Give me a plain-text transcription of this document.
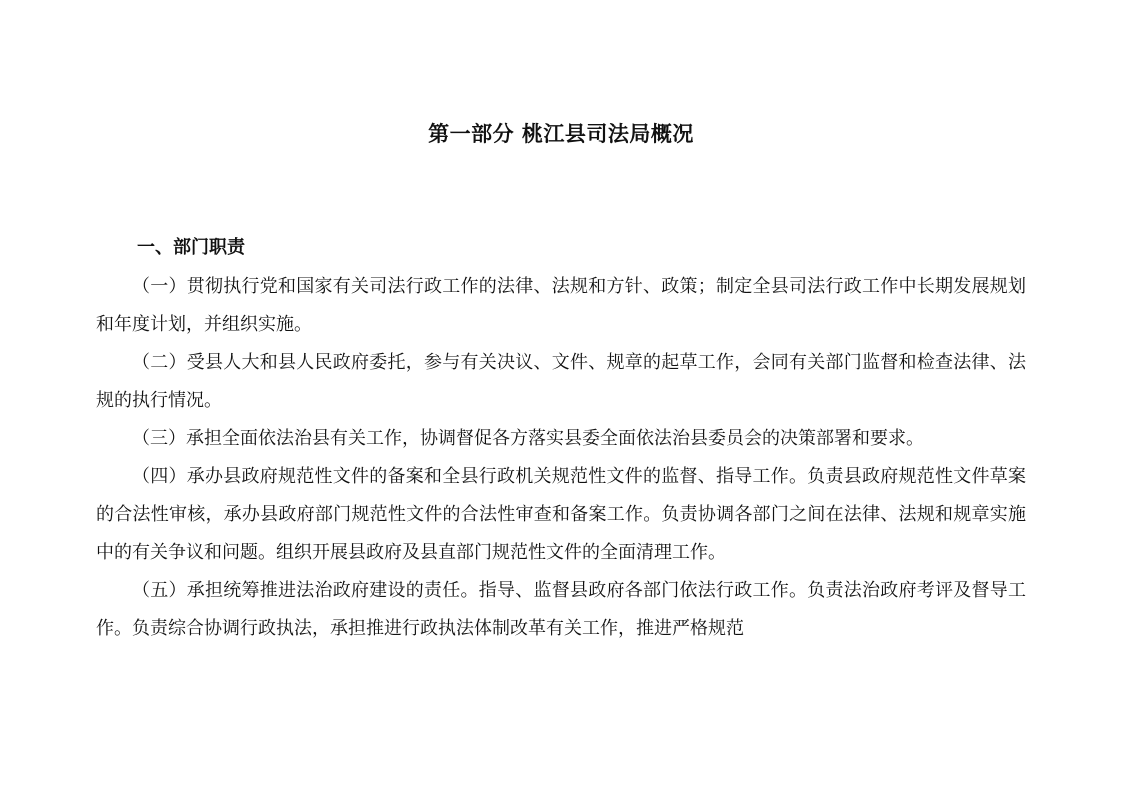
第一部分 桃江县司法局概况
一、部门职责

（一）贯彻执行党和国家有关司法行政工作的法律、法规和方针、政策；制定全县司法行政工作中长期发展规划和年度计划，并组织实施。

（二）受县人大和县人民政府委托，参与有关决议、文件、规章的起草工作，会同有关部门监督和检查法律、法规的执行情况。

（三）承担全面依法治县有关工作，协调督促各方落实县委全面依法治县委员会的决策部署和要求。

（四）承办县政府规范性文件的备案和全县行政机关规范性文件的监督、指导工作。负责县政府规范性文件草案的合法性审核，承办县政府部门规范性文件的合法性审查和备案工作。负责协调各部门之间在法律、法规和规章实施中的有关争议和问题。组织开展县政府及县直部门规范性文件的全面清理工作。

（五）承担统筹推进法治政府建设的责任。指导、监督县政府各部门依法行政工作。负责法治政府考评及督导工作。负责综合协调行政执法，承担推进行政执法体制改革有关工作，推进严格规范
